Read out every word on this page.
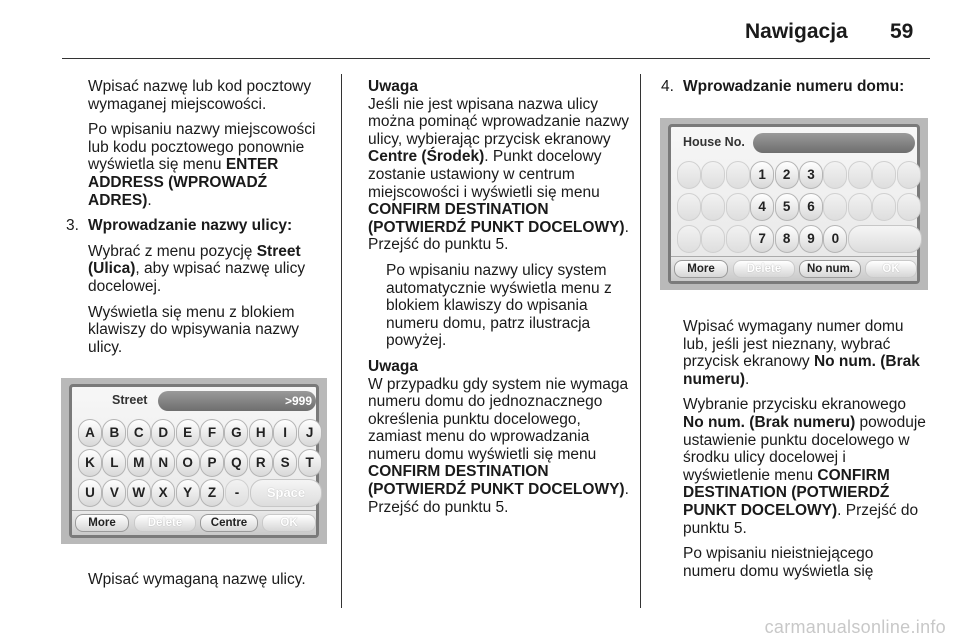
Nawigacja 59

Wpisać nazwę lub kod pocztowy wymaganej miejscowości.

Po wpisaniu nazwy miejscowości lub kodu pocztowego ponownie wyświetla się menu ENTER ADDRESS (WPROWADŹ ADRES).

3. Wprowadzanie nazwy ulicy:

Wybrać z menu pozycję Street (Ulica), aby wpisać nazwę ulicy docelowej.

Wyświetla się menu z blokiem klawiszy do wpisywania nazwy ulicy.

Street	>999
A	B	C	D	E	F	G	H	I	J
K	L	M	N	O	P	Q	R	S	T
U	V	W	X	Y	Z	-	Space
More	Delete	Centre	OK

Wpisać wymaganą nazwę ulicy.

Uwaga

Jeśli nie jest wpisana nazwa ulicy można pominąć wprowadzanie nazwy ulicy, wybierając przycisk ekranowy Centre (Środek). Punkt docelowy zostanie ustawiony w centrum miejscowości i wyświetli się menu CONFIRM DESTINATION (POTWIERDŹ PUNKT DOCELOWY). Przejść do punktu 5.

Po wpisaniu nazwy ulicy system automatycznie wyświetla menu z blokiem klawiszy do wpisania numeru domu, patrz ilustracja powyżej.

Uwaga

W przypadku gdy system nie wymaga numeru domu do jednoznacznego określenia punktu docelowego, zamiast menu do wprowadzania numeru domu wyświetli się menu CONFIRM DESTINATION (POTWIERDŹ PUNKT DOCELOWY). Przejść do punktu 5.

4. Wprowadzanie numeru domu:

House No.
1	2	3
4	5	6
7	8	9	0
More	Delete	No num.	OK

Wpisać wymagany numer domu lub, jeśli jest nieznany, wybrać przycisk ekranowy No num. (Brak numeru).

Wybranie przycisku ekranowego No num. (Brak numeru) powoduje ustawienie punktu docelowego w środku ulicy docelowej i wyświetlenie menu CONFIRM DESTINATION (POTWIERDŹ PUNKT DOCELOWY). Przejść do punktu 5.

Po wpisaniu nieistniejącego numeru domu wyświetla się

carmanualsonline.info
